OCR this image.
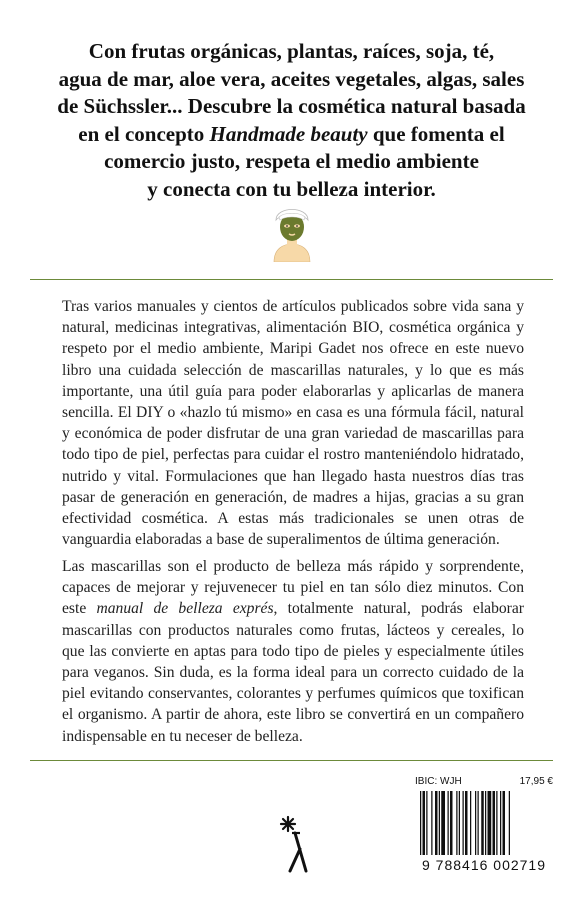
Con frutas orgánicas, plantas, raíces, soja, té,
agua de mar, aloe vera, aceites vegetales, algas, sales
de Süchssler... Descubre la cosmética natural basada
en el concepto Handmade beauty que fomenta el
comercio justo, respeta el medio ambiente
y conecta con tu belleza interior.
Tras varios manuales y cientos de artículos publicados sobre vida sana y natural, medicinas integrativas, alimentación BIO, cosmética orgánica y respeto por el medio ambiente, Maripi Gadet nos ofrece en este nuevo libro una cuidada selección de mascarillas naturales, y lo que es más importante, una útil guía para poder elaborarlas y aplicarlas de manera sencilla. El DIY o «hazlo tú mismo» en casa es una fórmula fácil, natural y económica de poder disfrutar de una gran variedad de mascarillas para todo tipo de piel, perfectas para cuidar el rostro manteniéndolo hidratado, nutrido y vital. Formulaciones que han llegado hasta nuestros días tras pasar de generación en generación, de madres a hijas, gracias a su gran efectividad cosmética. A estas más tradicionales se unen otras de vanguardia elaboradas a base de superalimentos de última generación.
Las mascarillas son el producto de belleza más rápido y sorprendente, capaces de mejorar y rejuvenecer tu piel en tan sólo diez minutos. Con este manual de belleza exprés, totalmente natural, podrás elaborar mascarillas con productos naturales como frutas, lácteos y cereales, lo que las convierte en aptas para todo tipo de pieles y especialmente útiles para veganos. Sin duda, es la forma ideal para un correcto cuidado de la piel evitando conservantes, colorantes y perfumes químicos que toxifican el organismo. A partir de ahora, este libro se convertirá en un compañero indispensable en tu neceser de belleza.
IBIC: WJH	17,95 €
9 788416 002719
